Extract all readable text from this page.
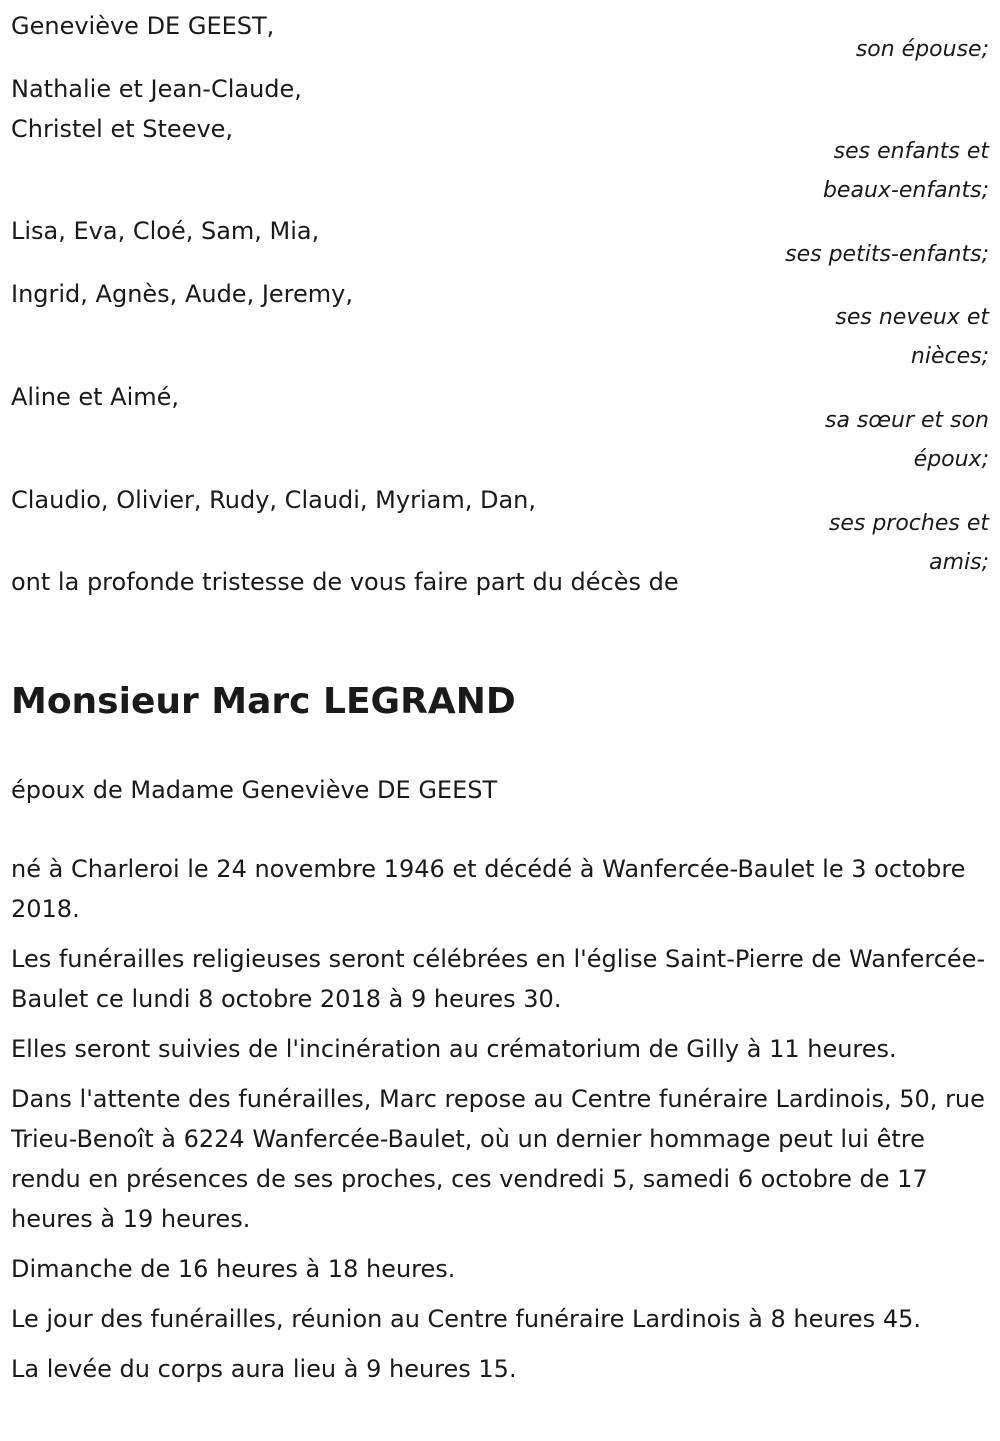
Geneviève DE GEEST,
son épouse;
Nathalie et Jean-Claude,
Christel et Steeve,
ses enfants et beaux-enfants;
Lisa, Eva, Cloé, Sam, Mia,
ses petits-enfants;
Ingrid, Agnès, Aude, Jeremy,
ses neveux et nièces;
Aline et Aimé,
sa sœur et son époux;
Claudio, Olivier, Rudy, Claudi, Myriam, Dan,
ses proches et amis;
ont la profonde tristesse de vous faire part du décès de
Monsieur Marc LEGRAND
époux de Madame Geneviève DE GEEST

né à Charleroi le 24 novembre 1946 et décédé à Wanfercée-Baulet le 3 octobre 2018.

Les funérailles religieuses seront célébrées en l'église Saint-Pierre de Wanfercée-Baulet ce lundi 8 octobre 2018 à 9 heures 30.

Elles seront suivies de l'incinération au crématorium de Gilly à 11 heures.

Dans l'attente des funérailles, Marc repose au Centre funéraire Lardinois, 50, rue Trieu-Benoît à 6224 Wanfercée-Baulet, où un dernier hommage peut lui être rendu en présences de ses proches, ces vendredi 5, samedi 6 octobre de 17 heures à 19 heures.

Dimanche de 16 heures à 18 heures.

Le jour des funérailles, réunion au Centre funéraire Lardinois à 8 heures 45.

La levée du corps aura lieu à 9 heures 15.
